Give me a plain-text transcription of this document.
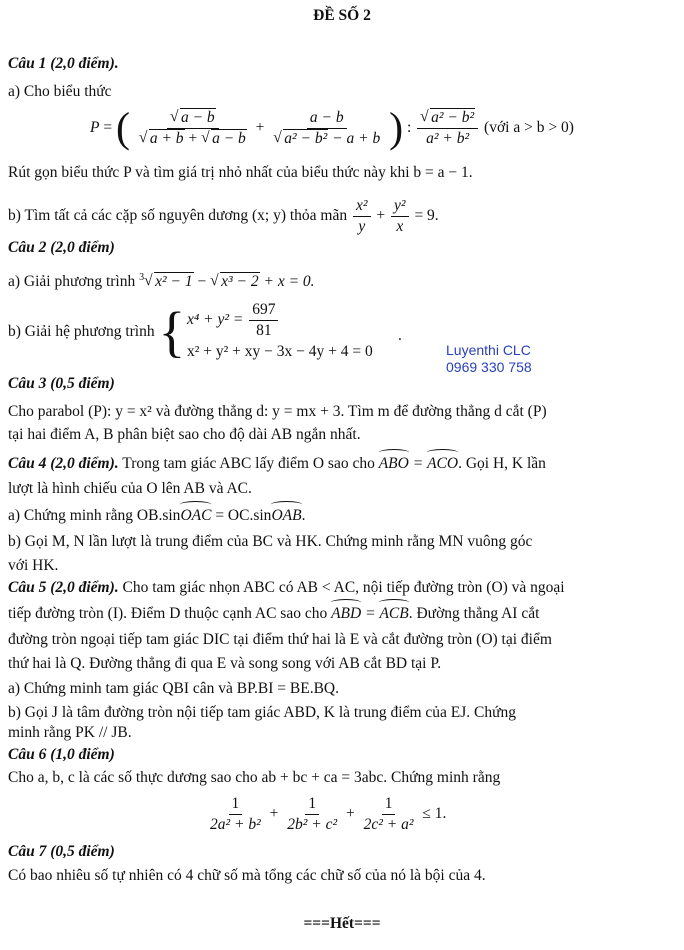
ĐỀ SỐ 2
Câu 1 (2,0 điểm).
a) Cho biểu thức
P = ( √ a − b
√ a + b + √ a − b + a − b
√ a² − b² − a + b ) : √ $\frac{\text{a² − b²}}{\text{a² + b²}}$ (với a > b > 0)
Rút gọn biểu thức P và tìm giá trị nhỏ nhất của biểu thức này khi b = a − 1.
b) Tìm tất cả các cặp số nguyên dương (x; y) thỏa mãn $\frac{\text{x²}}{y} + \frac{\text{y²}}{x} = 9$.
Câu 2 (2,0 điểm)
a) Giải phương trình $^3$ √ x² − 1 − √ x³ − 2 + x = 0.
b) Giải hệ phương trình { $x^4 + y^2 = \frac{697}{81}$
x² + y² + xy − 3x − 4y + 4 = 0
.
Luyenthi CLC
0969 330 758
Câu 3 (0,5 điểm)
Cho parabol (P): y = x² và đường thẳng d: y = mx + 3. Tìm m để đường thẳng d cắt (P)
tại hai điểm A, B phân biệt sao cho độ dài AB ngắn nhất.
Câu 4 (2,0 điểm). Trong tam giác ABC lấy điểm O sao cho ABO = ACO. Gọi H, K lần
lượt là hình chiếu của O lên AB và AC.
a) Chứng minh rằng OB.sinOAC = OC.sinOAB.
b) Gọi M, N lần lượt là trung điểm của BC và HK. Chứng minh rằng MN vuông góc
với HK.
Câu 5 (2,0 điểm). Cho tam giác nhọn ABC có AB < AC, nội tiếp đường tròn (O) và ngoại
tiếp đường tròn (I). Điểm D thuộc cạnh AC sao cho ABD = ACB. Đường thẳng AI cắt
đường tròn ngoại tiếp tam giác DIC tại điểm thứ hai là E và cắt đường tròn (O) tại điểm
thứ hai là Q. Đường thẳng đi qua E và song song với AB cắt BD tại P.
a) Chứng minh tam giác QBI cân và BP.BI = BE.BQ.
b) Gọi J là tâm đường tròn nội tiếp tam giác ABD, K là trung điểm của EJ. Chứng
minh rằng PK // JB.
Câu 6 (1,0 điểm)
Cho a, b, c là các số thực dương sao cho ab + bc + ca = 3abc. Chứng minh rằng
$\frac{1}{\text{2a² + b²}} + \frac{1}{\text{2b² + c²}} + \frac{1}{\text{2c² + a²}} \le 1$.
Câu 7 (0,5 điểm)
Có bao nhiêu số tự nhiên có 4 chữ số mà tổng các chữ số của nó là bội của 4.
===Hết===
